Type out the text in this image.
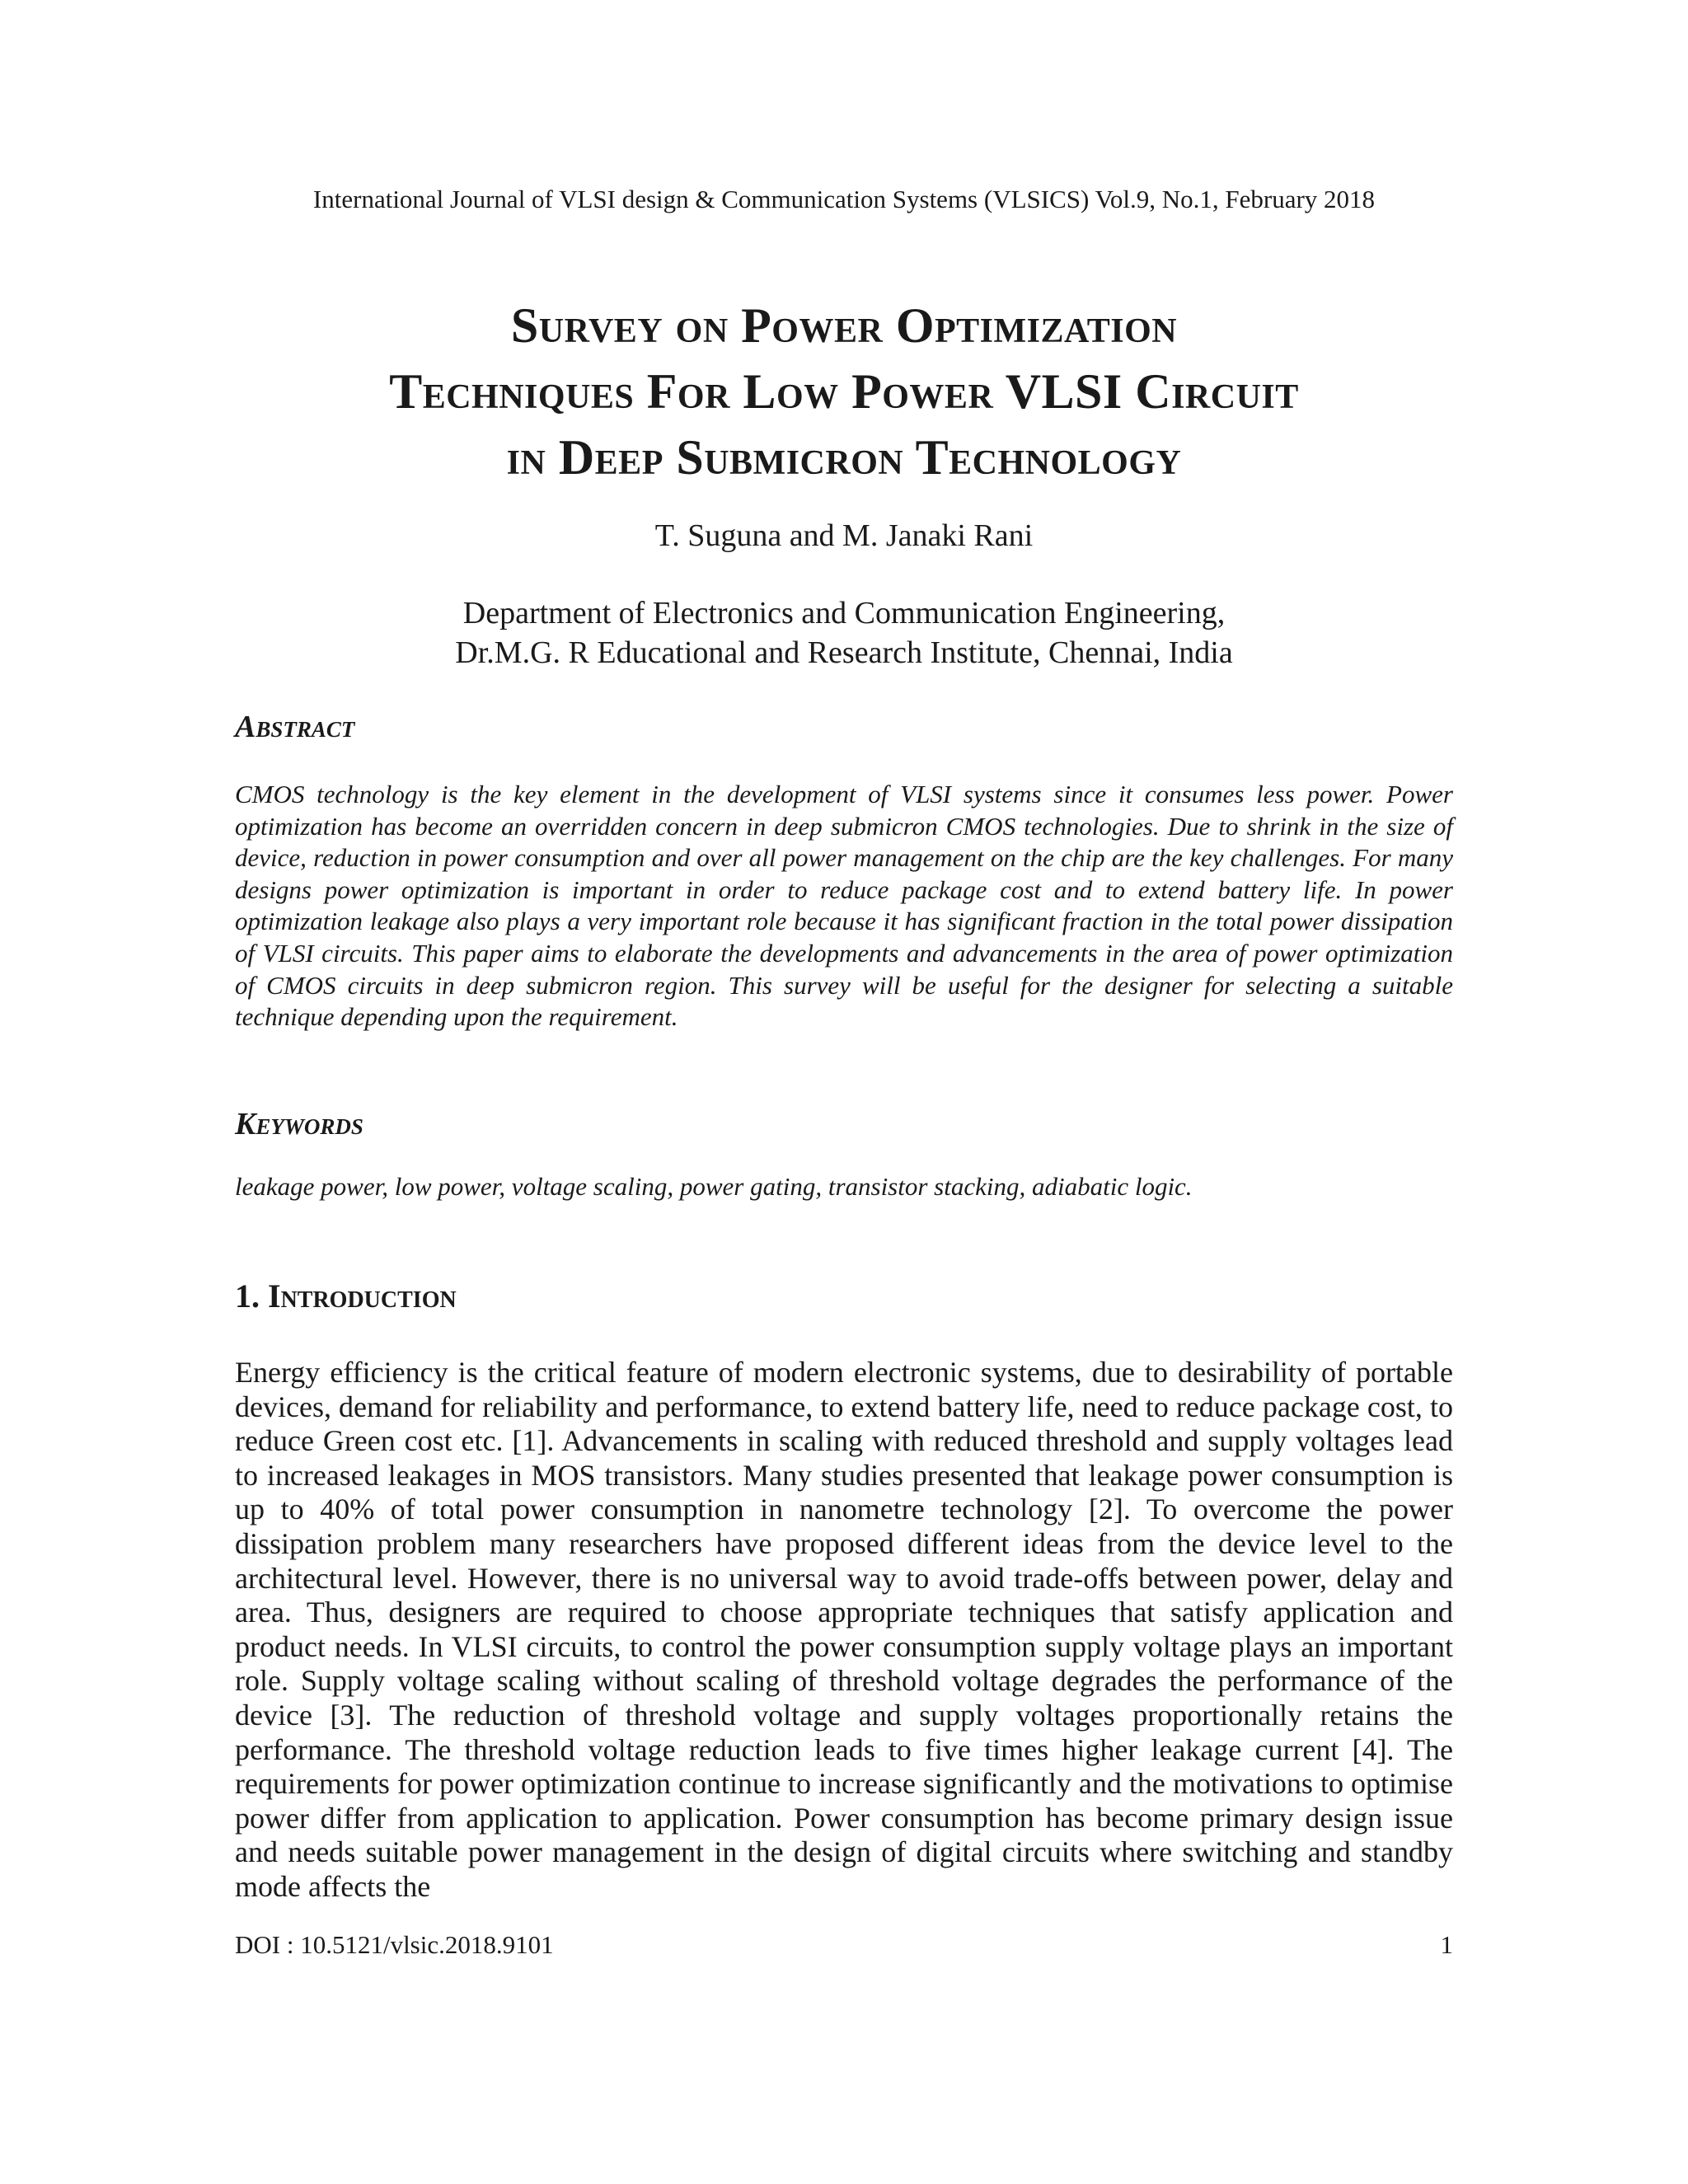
International Journal of VLSI design & Communication Systems (VLSICS) Vol.9, No.1, February 2018
Survey on Power Optimization
Techniques For Low Power VLSI Circuit
in Deep Submicron Technology
T. Suguna and M. Janaki Rani
Department of Electronics and Communication Engineering,
Dr.M.G. R Educational and Research Institute, Chennai, India
Abstract
CMOS technology is the key element in the development of VLSI systems since it consumes less power. Power optimization has become an overridden concern in deep submicron CMOS technologies. Due to shrink in the size of device, reduction in power consumption and over all power management on the chip are the key challenges. For many designs power optimization is important in order to reduce package cost and to extend battery life. In power optimization leakage also plays a very important role because it has significant fraction in the total power dissipation of VLSI circuits. This paper aims to elaborate the developments and advancements in the area of power optimization of CMOS circuits in deep submicron region. This survey will be useful for the designer for selecting a suitable technique depending upon the requirement.
Keywords
leakage power, low power, voltage scaling, power gating, transistor stacking, adiabatic logic.
1. Introduction
Energy efficiency is the critical feature of modern electronic systems, due to desirability of portable devices, demand for reliability and performance, to extend battery life, need to reduce package cost, to reduce Green cost etc. [1]. Advancements in scaling with reduced threshold and supply voltages lead to increased leakages in MOS transistors. Many studies presented that leakage power consumption is up to 40% of total power consumption in nanometre technology [2]. To overcome the power dissipation problem many researchers have proposed different ideas from the device level to the architectural level. However, there is no universal way to avoid trade-offs between power, delay and area. Thus, designers are required to choose appropriate techniques that satisfy application and product needs. In VLSI circuits, to control the power consumption supply voltage plays an important role. Supply voltage scaling without scaling of threshold voltage degrades the performance of the device [3]. The reduction of threshold voltage and supply voltages proportionally retains the performance. The threshold voltage reduction leads to five times higher leakage current [4]. The requirements for power optimization continue to increase significantly and the motivations to optimise power differ from application to application. Power consumption has become primary design issue and needs suitable power management in the design of digital circuits where switching and standby mode affects the
DOI : 10.5121/vlsic.2018.9101	1
